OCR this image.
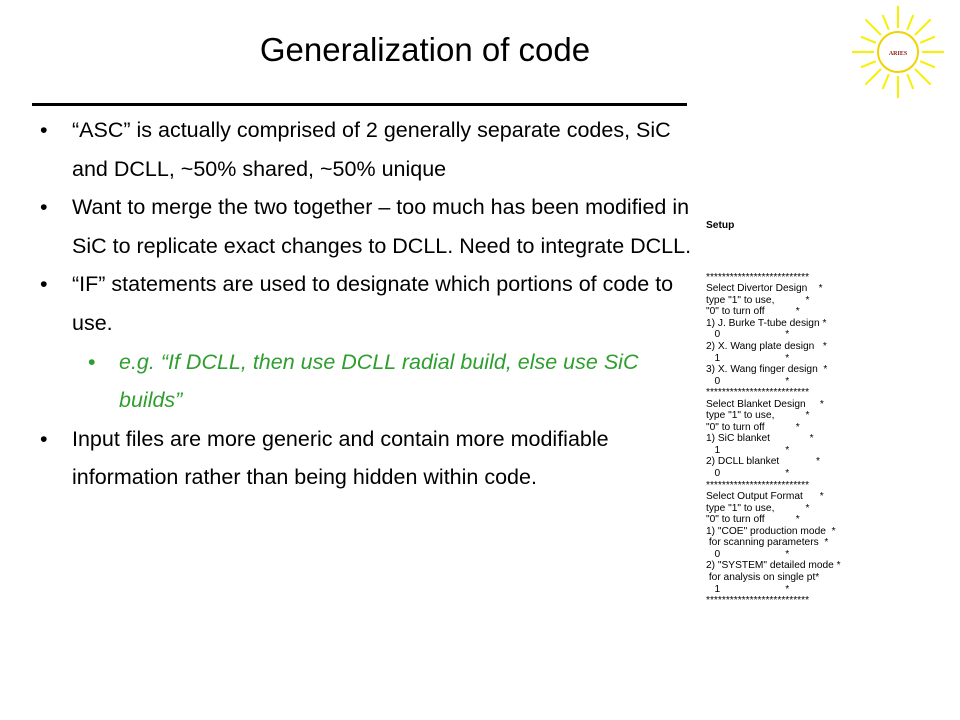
Generalization of code	ARIES
•	“ASC” is actually comprised of 2 generally separate codes, SiC and DCLL, ~50% shared, ~50% unique
•	Want to merge the two together – too much has been modified in SiC to replicate exact changes to DCLL. Need to integrate DCLL.
•	“IF” statements are used to designate which portions of code to use.
•	e.g. “If DCLL, then use DCLL radial build, else use SiC builds”
•	Input files are more generic and contain more modifiable information rather than being hidden within code.

Setup

**************************
Select Divertor Design    *
type "1" to use,           *
"0" to turn off           *
1) J. Burke T-tube design *
0                       *
2) X. Wang plate design   *
1                       *
3) X. Wang finger design  *
0                       *
**************************
Select Blanket Design     *
type "1" to use,           *
"0" to turn off           *
1) SiC blanket              *
1                       *
2) DCLL blanket             *
0                       *
**************************
Select Output Format      *
type "1" to use,           *
"0" to turn off           *
1) "COE" production mode  *
for scanning parameters  *
0                       *
2) "SYSTEM" detailed mode *
for analysis on single pt*
1                       *
**************************
